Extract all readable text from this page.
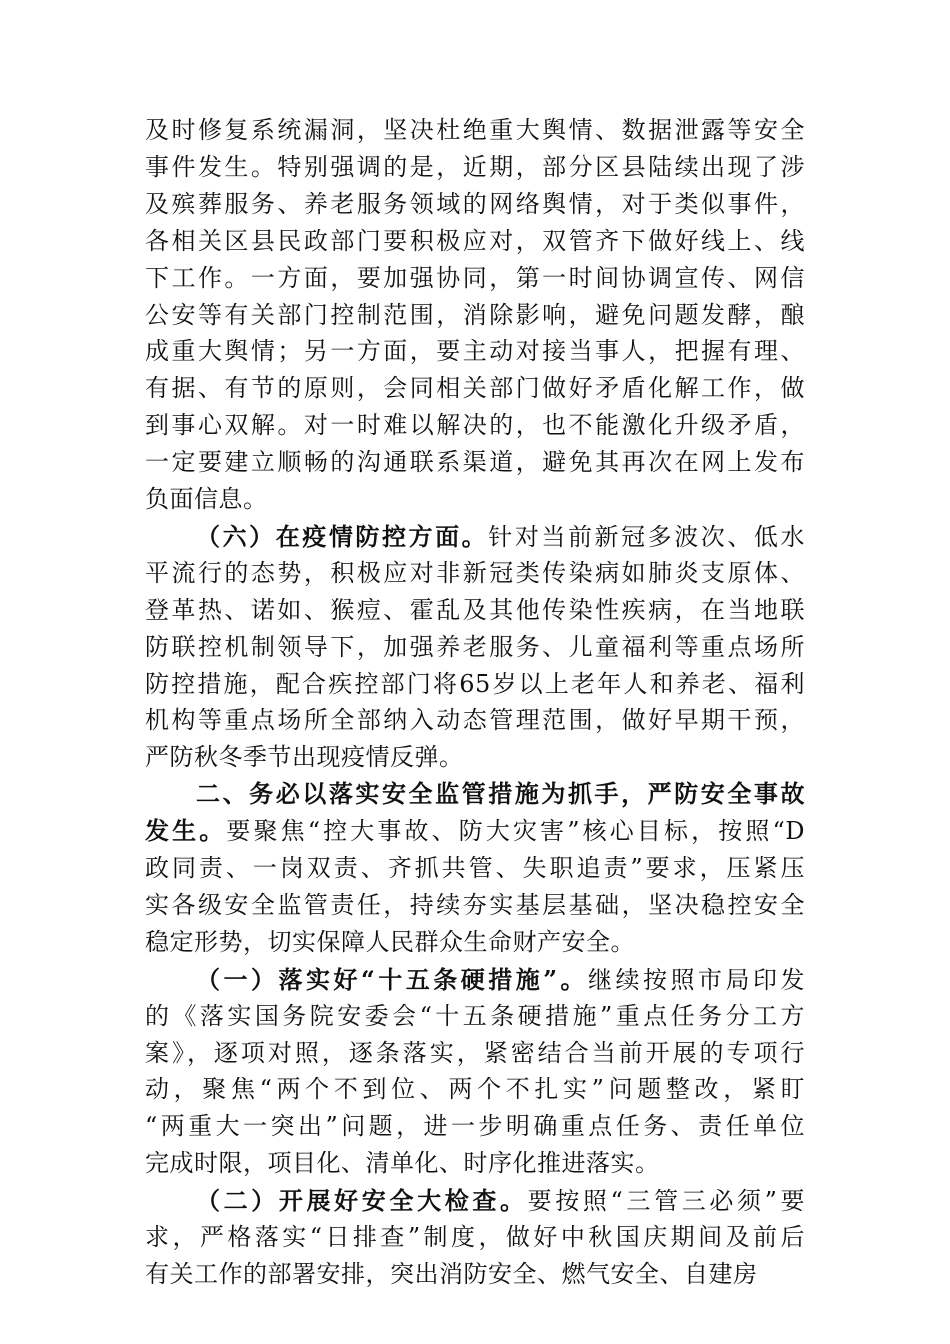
及时修复系统漏洞，坚决杜绝重大舆情、数据泄露等安全
事件发生。特别强调的是，近期，部分区县陆续出现了涉
及殡葬服务、养老服务领域的网络舆情，对于类似事件，
各相关区县民政部门要积极应对，双管齐下做好线上、线
下工作。一方面，要加强协同，第一时间协调宣传、网信
公安等有关部门控制范围，消除影响，避免问题发酵，酿
成重大舆情；另一方面，要主动对接当事人，把握有理、
有据、有节的原则，会同相关部门做好矛盾化解工作，做
到事心双解。对一时难以解决的，也不能激化升级矛盾，
一定要建立顺畅的沟通联系渠道，避免其再次在网上发布
负面信息。
（六）在疫情防控方面。针对当前新冠多波次、低水
平流行的态势，积极应对非新冠类传染病如肺炎支原体、
登革热、诺如、猴痘、霍乱及其他传染性疾病，在当地联
防联控机制领导下，加强养老服务、儿童福利等重点场所
防控措施，配合疾控部门将65岁以上老年人和养老、福利
机构等重点场所全部纳入动态管理范围，做好早期干预，
严防秋冬季节出现疫情反弹。
二、务必以落实安全监管措施为抓手，严防安全事故
发生。要聚焦“控大事故、防大灾害”核心目标，按照“D
政同责、一岗双责、齐抓共管、失职追责”要求，压紧压
实各级安全监管责任，持续夯实基层基础，坚决稳控安全
稳定形势，切实保障人民群众生命财产安全。
（一）落实好“十五条硬措施”。继续按照市局印发
的《落实国务院安委会“十五条硬措施”重点任务分工方
案》，逐项对照，逐条落实，紧密结合当前开展的专项行
动，聚焦“两个不到位、两个不扎实”问题整改，紧盯
“两重大一突出”问题，进一步明确重点任务、责任单位
完成时限，项目化、清单化、时序化推进落实。
（二）开展好安全大检查。要按照“三管三必须”要
求，严格落实“日排查”制度，做好中秋国庆期间及前后
有关工作的部署安排，突出消防安全、燃气安全、自建房
